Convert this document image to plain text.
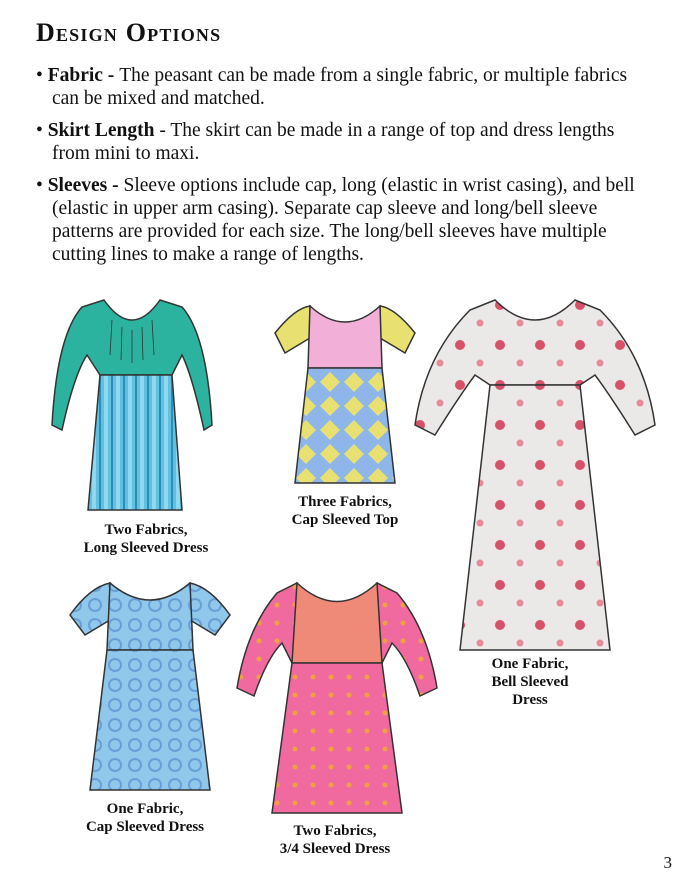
Design Options
• Fabric - The peasant can be made from a single fabric, or multiple fabrics can be mixed and matched.
• Skirt Length - The skirt can be made in a range of top and dress lengths from mini to maxi.
• Sleeves - Sleeve options include cap, long (elastic in wrist casing), and bell (elastic in upper arm casing). Separate cap sleeve and long/bell sleeve patterns are provided for each size. The long/bell sleeves have multiple cutting lines to make a range of lengths.
Two Fabrics,
Long Sleeved Dress
Three Fabrics,
Cap Sleeved Top
One Fabric,
Bell Sleeved
Dress
One Fabric,
Cap Sleeved Dress	Two Fabrics,
3/4 Sleeved Dress
3
